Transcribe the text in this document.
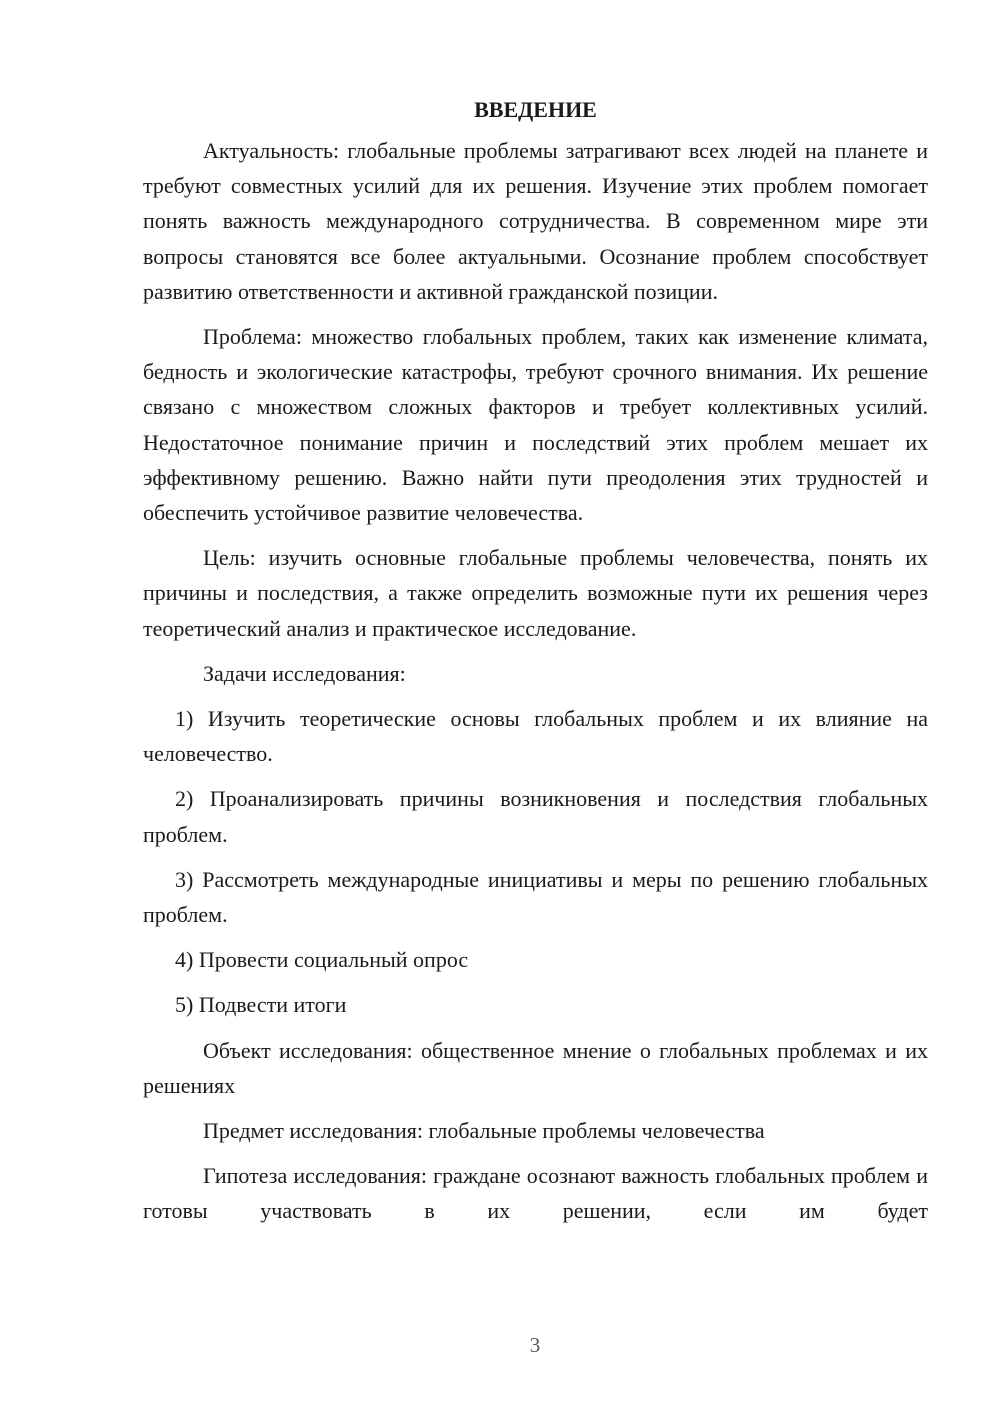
ВВЕДЕНИЕ

Актуальность: глобальные проблемы затрагивают всех людей на планете и требуют совместных усилий для их решения. Изучение этих проблем помогает понять важность международного сотрудничества. В современном мире эти вопросы становятся все более актуальными. Осознание проблем способствует развитию ответственности и активной гражданской позиции.

Проблема: множество глобальных проблем, таких как изменение климата, бедность и экологические катастрофы, требуют срочного внимания. Их решение связано с множеством сложных факторов и требует коллективных усилий. Недостаточное понимание причин и последствий этих проблем мешает их эффективному решению. Важно найти пути преодоления этих трудностей и обеспечить устойчивое развитие человечества.

Цель: изучить основные глобальные проблемы человечества, понять их причины и последствия, а также определить возможные пути их решения через теоретический анализ и практическое исследование.

Задачи исследования:

1) Изучить теоретические основы глобальных проблем и их влияние на человечество.

2) Проанализировать причины возникновения и последствия глобальных проблем.

3) Рассмотреть международные инициативы и меры по решению глобальных проблем.

4) Провести социальный опрос

5) Подвести итоги

Объект исследования: общественное мнение о глобальных проблемах и их решениях

Предмет исследования: глобальные проблемы человечества

Гипотеза исследования: граждане осознают важность глобальных проблем и готовы участвовать в их решении, если им будет

3
